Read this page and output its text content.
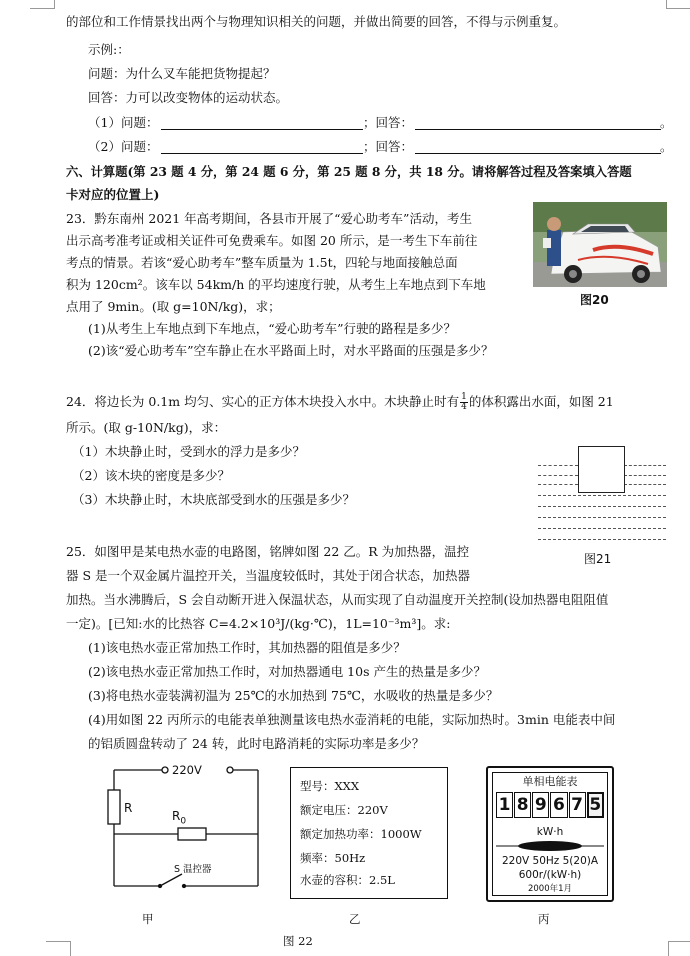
的部位和工作情景找出两个与物理知识相关的问题，并做出简要的回答，不得与示例重复。
示例:：
问题：为什么叉车能把货物提起？
回答：力可以改变物体的运动状态。
（1）问题：	；回答：	。
（2）问题：	；回答：	。
六、计算题(第 23 题 4 分，第 24 题 6 分，第 25 题 8 分，共 18 分。请将解答过程及答案填入答题
卡对应的位置上)
23．黔东南州 2021 年高考期间，各县市开展了“爱心助考车”活动，考生
出示高考准考证或相关证件可免费乘车。如图 20 所示，是一考生下车前往
考点的情景。若该“爱心助考车”整车质量为 1.5t，四轮与地面接触总面
积为 120cm²。该车以 54km/h 的平均速度行驶，从考生上车地点到下车地
点用了 9min。(取 g=10N/kg)，求；
(1)从考生上车地点到下车地点，“爱心助考车”行驶的路程是多少？
(2)该“爱心助考车”空车静止在水平路面上时，对水平路面的压强是多少？
图20
24．将边长为 0.1m 均匀、实心的正方体木块投入水中。木块静止时有 $\frac{1}{4}$ 的体积露出水面，如图 21
所示。(取 g-10N/kg)，求：
（1）木块静止时，受到水的浮力是多少？
（2）该木块的密度是多少？
（3）木块静止时，木块底部受到水的压强是多少？
图21
25．如图甲是某电热水壶的电路图，铭牌如图 22 乙。R 为加热器，温控
器 S 是一个双金属片温控开关，当温度较低时，其处于闭合状态，加热器
加热。当水沸腾后，S 会自动断开进入保温状态，从而实现了自动温度开关控制(设加热器电阻阻值
一定)。[已知:水的比热容 C=4.2×10³J/(kg·℃)，1L=10⁻³m³]。求:
(1)该电热水壶正常加热工作时，其加热器的阻值是多少？
(2)该电热水壶正常加热工作时，对加热器通电 10s 产生的热量是多少？
(3)将电热水壶装满初温为 25℃的水加热到 75℃，水吸收的热量是多少？
(4)用如图 22 丙所示的电能表单独测量该电热水壶消耗的电能，实际加热时。3min 电能表中间
的铝质圆盘转动了 24 转，此时电路消耗的实际功率是多少？
220V
R
$R_0$
S 温控器
甲
型号：XXX
额定电压：220V
额定加热功率：1000W
频率：50Hz
水壶的容积：2.5L
乙
单相电能表
1 8 9 6 7 5
kW·h
220V 50Hz 5(20)A
600r/(kW·h)
2000年1月
丙
图 22
